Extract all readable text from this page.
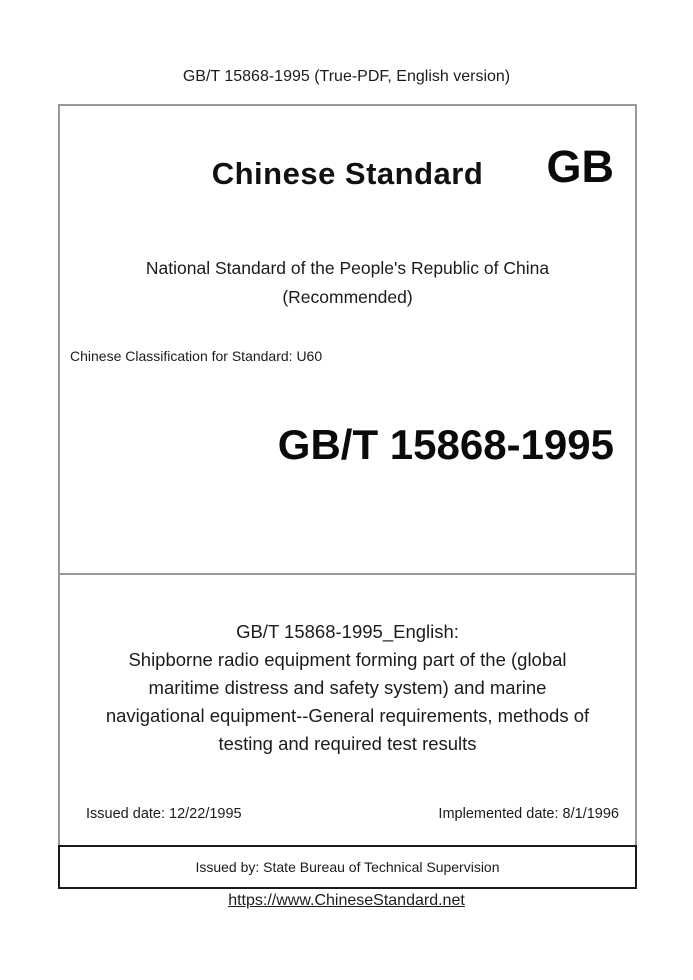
GB/T 15868-1995 (True-PDF, English version)
Chinese Standard	GB
National Standard of the People's Republic of China
(Recommended)
Chinese Classification for Standard: U60
GB/T 15868-1995
GB/T 15868-1995_English:
Shipborne radio equipment forming part of the (global
maritime distress and safety system) and marine
navigational equipment--General requirements, methods of
testing and required test results
Issued date: 12/22/1995	Implemented date: 8/1/1996
Issued by: State Bureau of Technical Supervision
https://www.ChineseStandard.net
